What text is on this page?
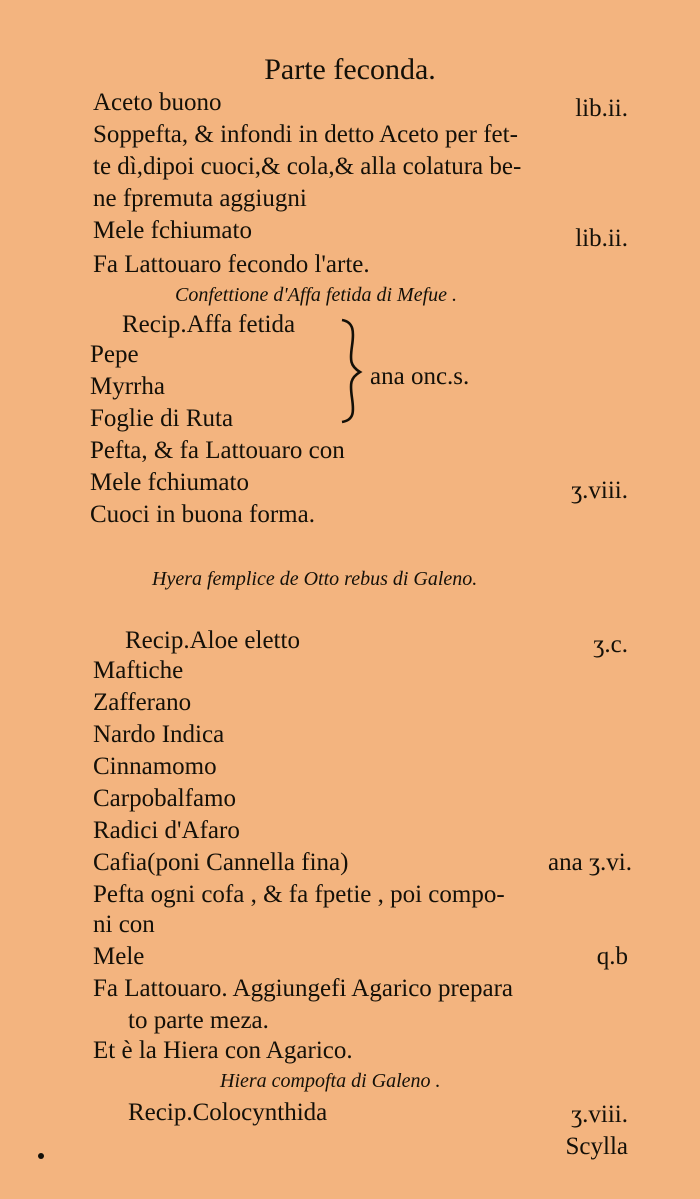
Parte feconda.
Aceto buono	lib.ii.
Soppefta, & infondi in detto Aceto per fet-
te dì,dipoi cuoci,& cola,& alla colatura be-
ne fpremuta aggiugni
Mele fchiumato	lib.ii.
Fa Lattouaro fecondo l'arte.
Confettione d'Affa fetida di Mefue .
Recip.Affa fetida
Pepe
Myrrha
Foglie di Ruta
ana onc.s.
Pefta, & fa Lattouaro con
Mele fchiumato	ʒ.viii.
Cuoci in buona forma.
Hyera femplice de Otto rebus di Galeno.
Recip.Aloe eletto	ʒ.c.
Maftiche
Zafferano
Nardo Indica
Cinnamomo
Carpobalfamo
Radici d'Afaro
Cafia(poni Cannella fina)	ana ʒ.vi.
Pefta ogni cofa , & fa fpetie , poi compo-
ni con
Mele	q.b
Fa Lattouaro. Aggiungefi Agarico prepara
to parte meza.
Et è la Hiera con Agarico.
Hiera compofta di Galeno .
Recip.Colocynthida	ʒ.viii.
Scylla
